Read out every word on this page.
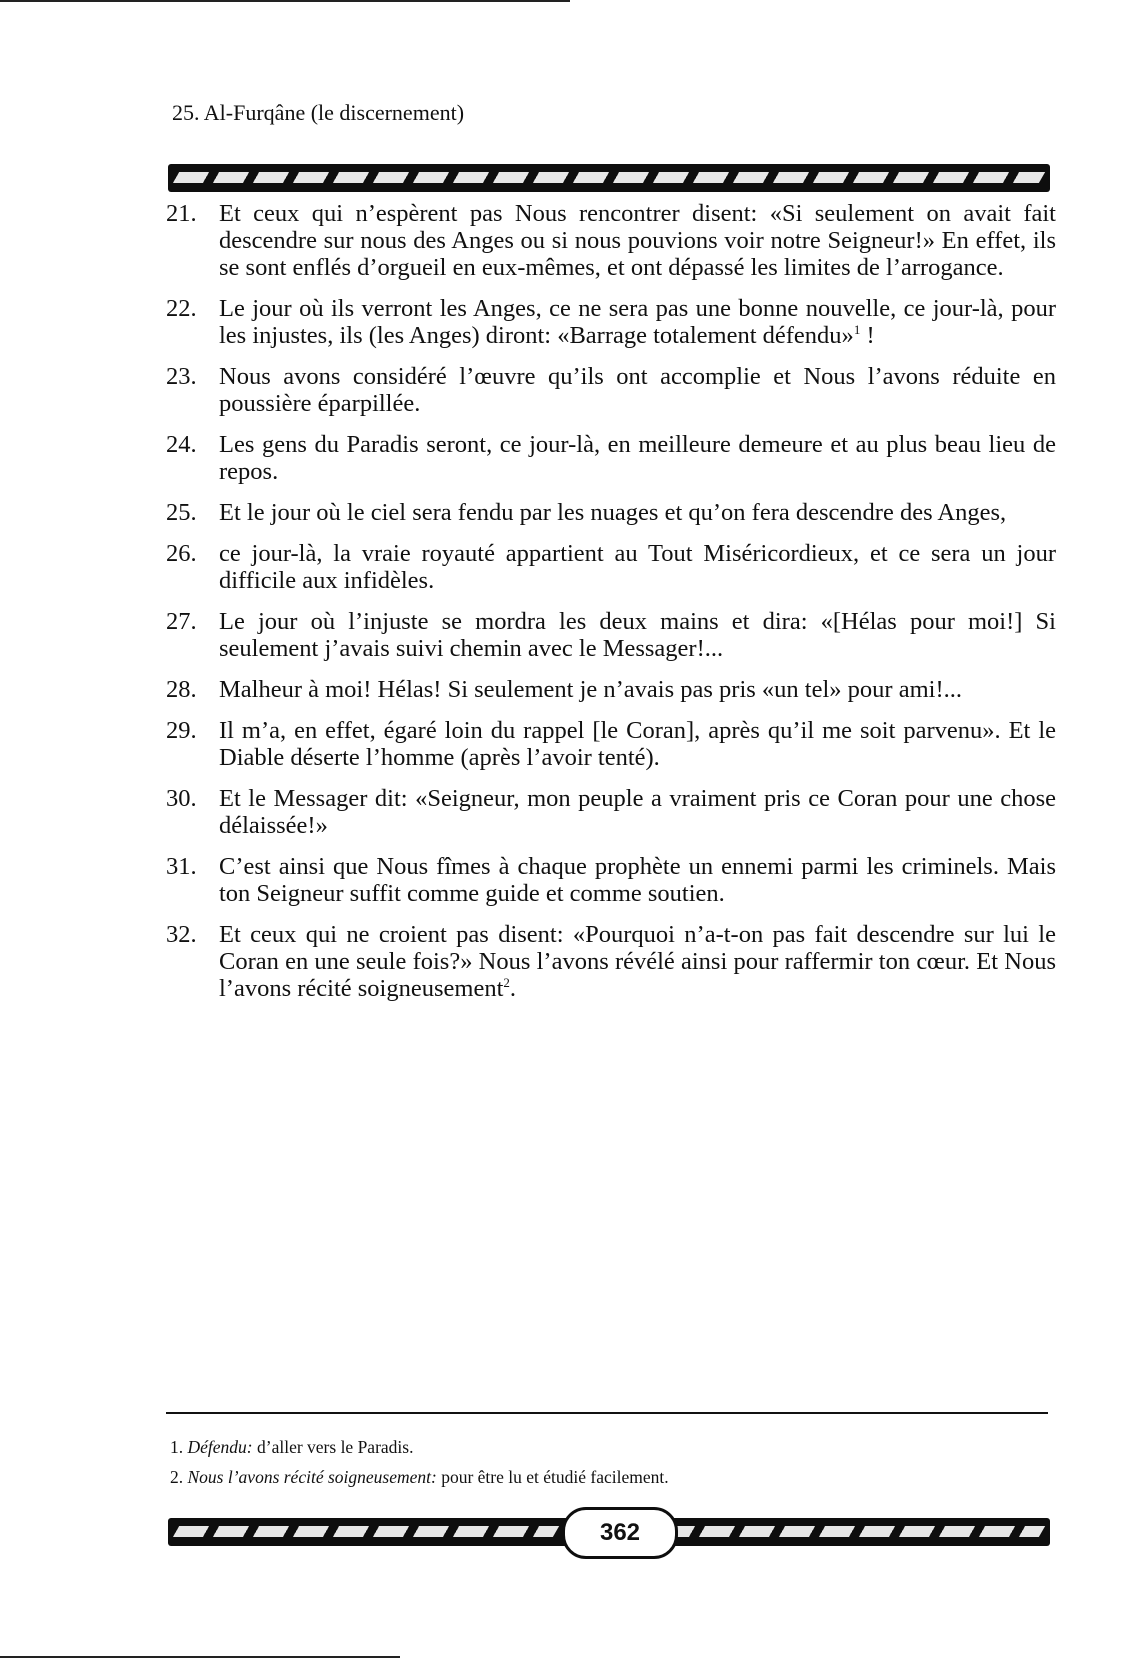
25. Al-Furqâne (le discernement)
21. Et ceux qui n’espèrent pas Nous rencontrer disent: «Si seulement on avait fait descendre sur nous des Anges ou si nous pouvions voir notre Seigneur!» En effet, ils se sont enflés d’orgueil en eux-mêmes, et ont dépassé les limites de l’arrogance.
22. Le jour où ils verront les Anges, ce ne sera pas une bonne nouvelle, ce jour-là, pour les injustes, ils (les Anges) diront: «Barrage totalement défendu»$^1$ !
23. Nous avons considéré l’œuvre qu’ils ont accomplie et Nous l’avons réduite en poussière éparpillée.
24. Les gens du Paradis seront, ce jour-là, en meilleure demeure et au plus beau lieu de repos.
25. Et le jour où le ciel sera fendu par les nuages et qu’on fera descendre des Anges,
26. ce jour-là, la vraie royauté appartient au Tout Miséricordieux, et ce sera un jour difficile aux infidèles.
27. Le jour où l’injuste se mordra les deux mains et dira: «[Hélas pour moi!] Si seulement j’avais suivi chemin avec le Messager!...
28. Malheur à moi! Hélas! Si seulement je n’avais pas pris «un tel» pour ami!...
29. Il m’a, en effet, égaré loin du rappel [le Coran], après qu’il me soit parvenu». Et le Diable déserte l’homme (après l’avoir tenté).
30. Et le Messager dit: «Seigneur, mon peuple a vraiment pris ce Coran pour une chose délaissée!»
31. C’est ainsi que Nous fîmes à chaque prophète un ennemi parmi les criminels. Mais ton Seigneur suffit comme guide et comme soutien.
32. Et ceux qui ne croient pas disent: «Pourquoi n’a-t-on pas fait descendre sur lui le Coran en une seule fois?» Nous l’avons révélé ainsi pour raffermir ton cœur. Et Nous l’avons récité soigneusement$^2$.
1. Défendu: d’aller vers le Paradis.
2. Nous l’avons récité soigneusement: pour être lu et étudié facilement.
362
